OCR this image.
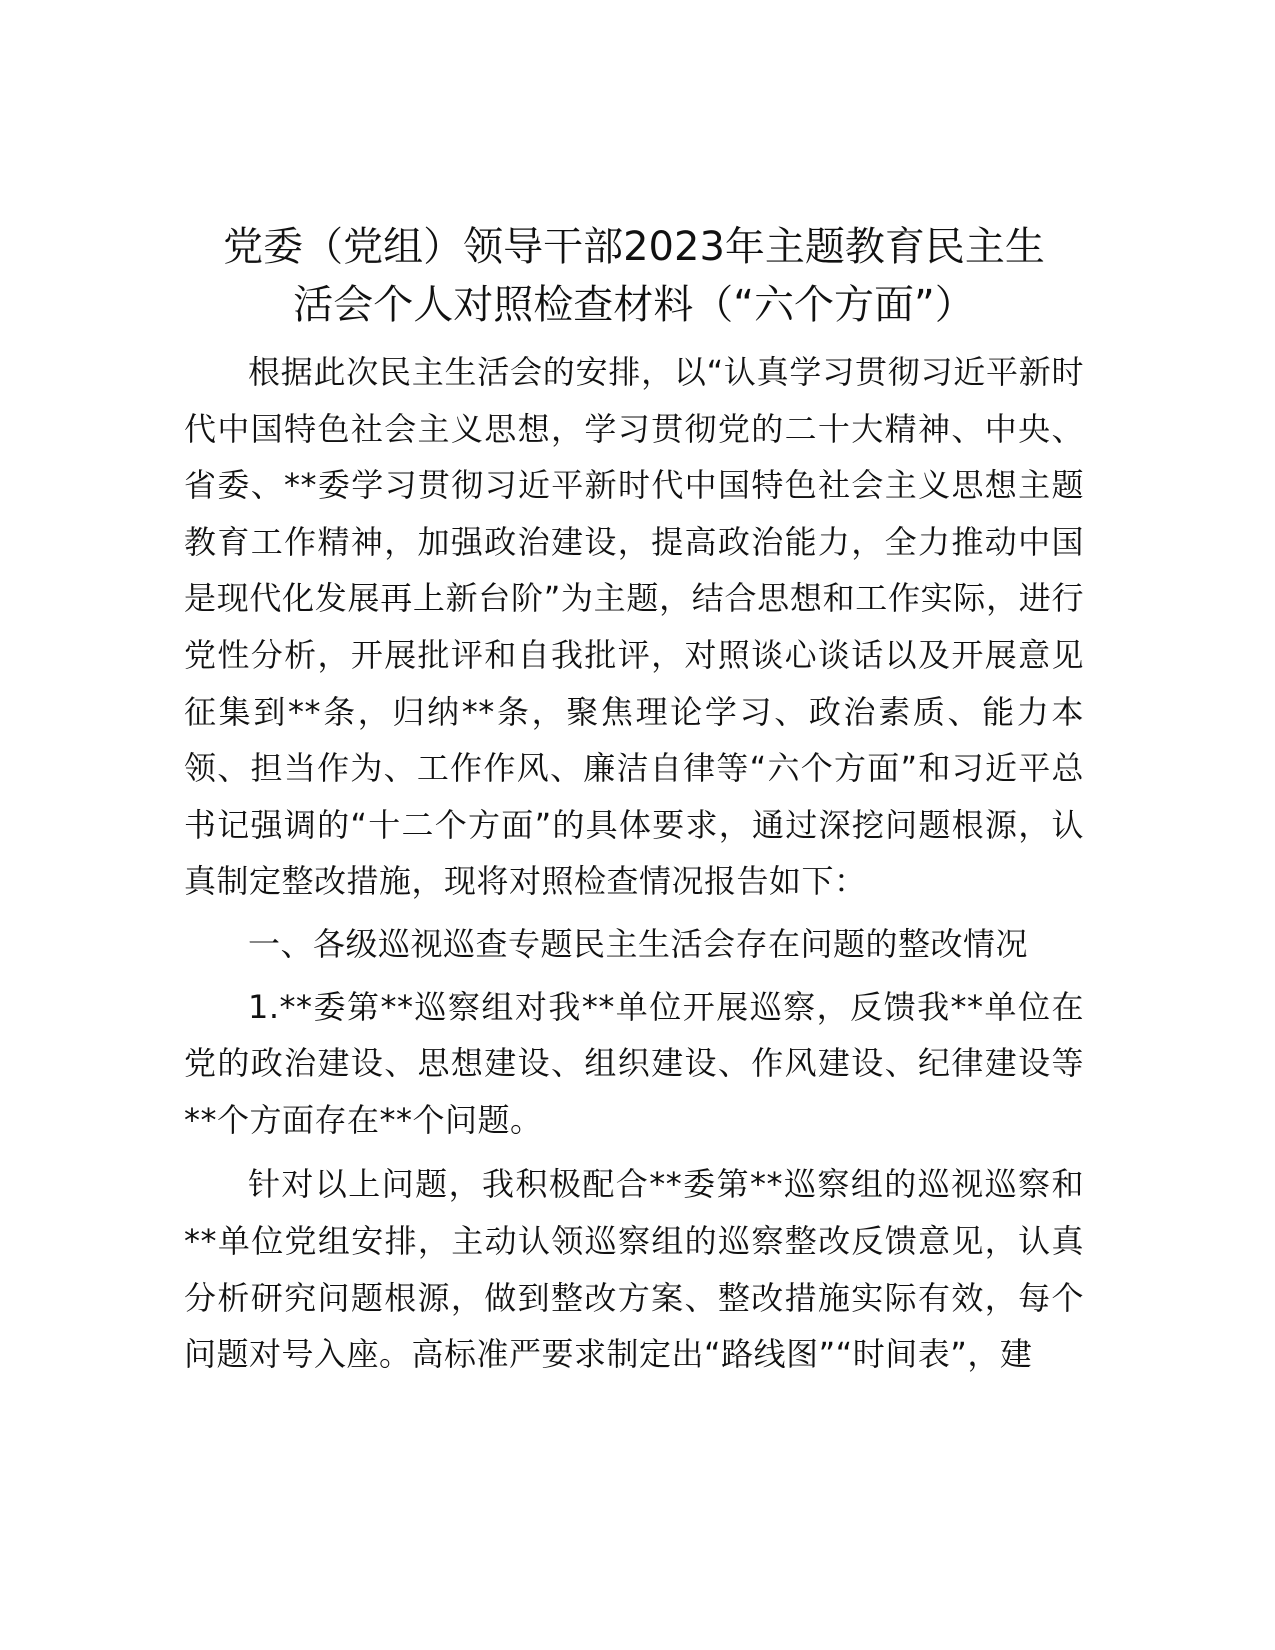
党委（党组）领导干部2023年主题教育民主生
活会个人对照检查材料（“六个方面”）

根据此次民主生活会的安排，以“认真学习贯彻习近平新时代中国特色社会主义思想，学习贯彻党的二十大精神、中央、省委、**委学习贯彻习近平新时代中国特色社会主义思想主题教育工作精神，加强政治建设，提高政治能力，全力推动中国是现代化发展再上新台阶”为主题，结合思想和工作实际，进行党性分析，开展批评和自我批评，对照谈心谈话以及开展意见征集到**条，归纳**条，聚焦理论学习、政治素质、能力本领、担当作为、工作作风、廉洁自律等“六个方面”和习近平总书记强调的“十二个方面”的具体要求，通过深挖问题根源，认真制定整改措施，现将对照检查情况报告如下：

一、各级巡视巡查专题民主生活会存在问题的整改情况

1.**委第**巡察组对我**单位开展巡察，反馈我**单位在党的政治建设、思想建设、组织建设、作风建设、纪律建设等**个方面存在**个问题。

针对以上问题，我积极配合**委第**巡察组的巡视巡察和**单位党组安排，主动认领巡察组的巡察整改反馈意见，认真分析研究问题根源，做到整改方案、整改措施实际有效，每个问题对号入座。高标准严要求制定出“路线图”“时间表”，建
